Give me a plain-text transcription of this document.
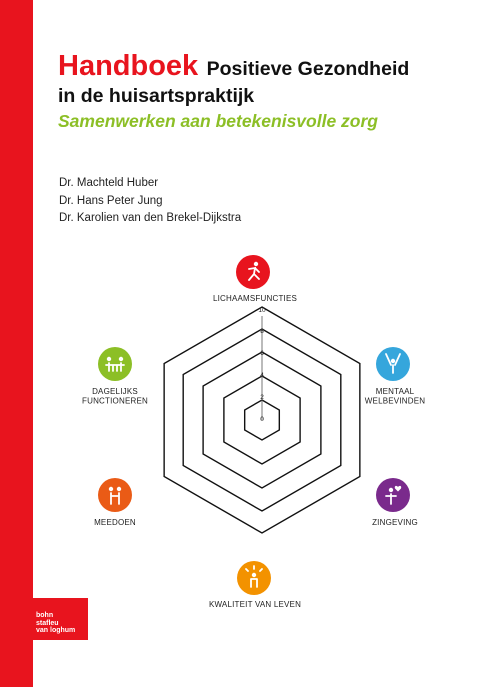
Handboek Positieve Gezondheid
in de huisartspraktijk
Samenwerken aan betekenisvolle zorg
Dr. Machteld Huber
Dr. Hans Peter Jung
Dr. Karolien van den Brekel-Dijkstra
0
2
4
6
8
10
LICHAAMSFUNCTIES
MENTAAL
WELBEVINDEN
ZINGEVING
KWALITEIT VAN LEVEN
MEEDOEN
DAGELIJKS
FUNCTIONEREN
bohn
stafleu
van loghum
